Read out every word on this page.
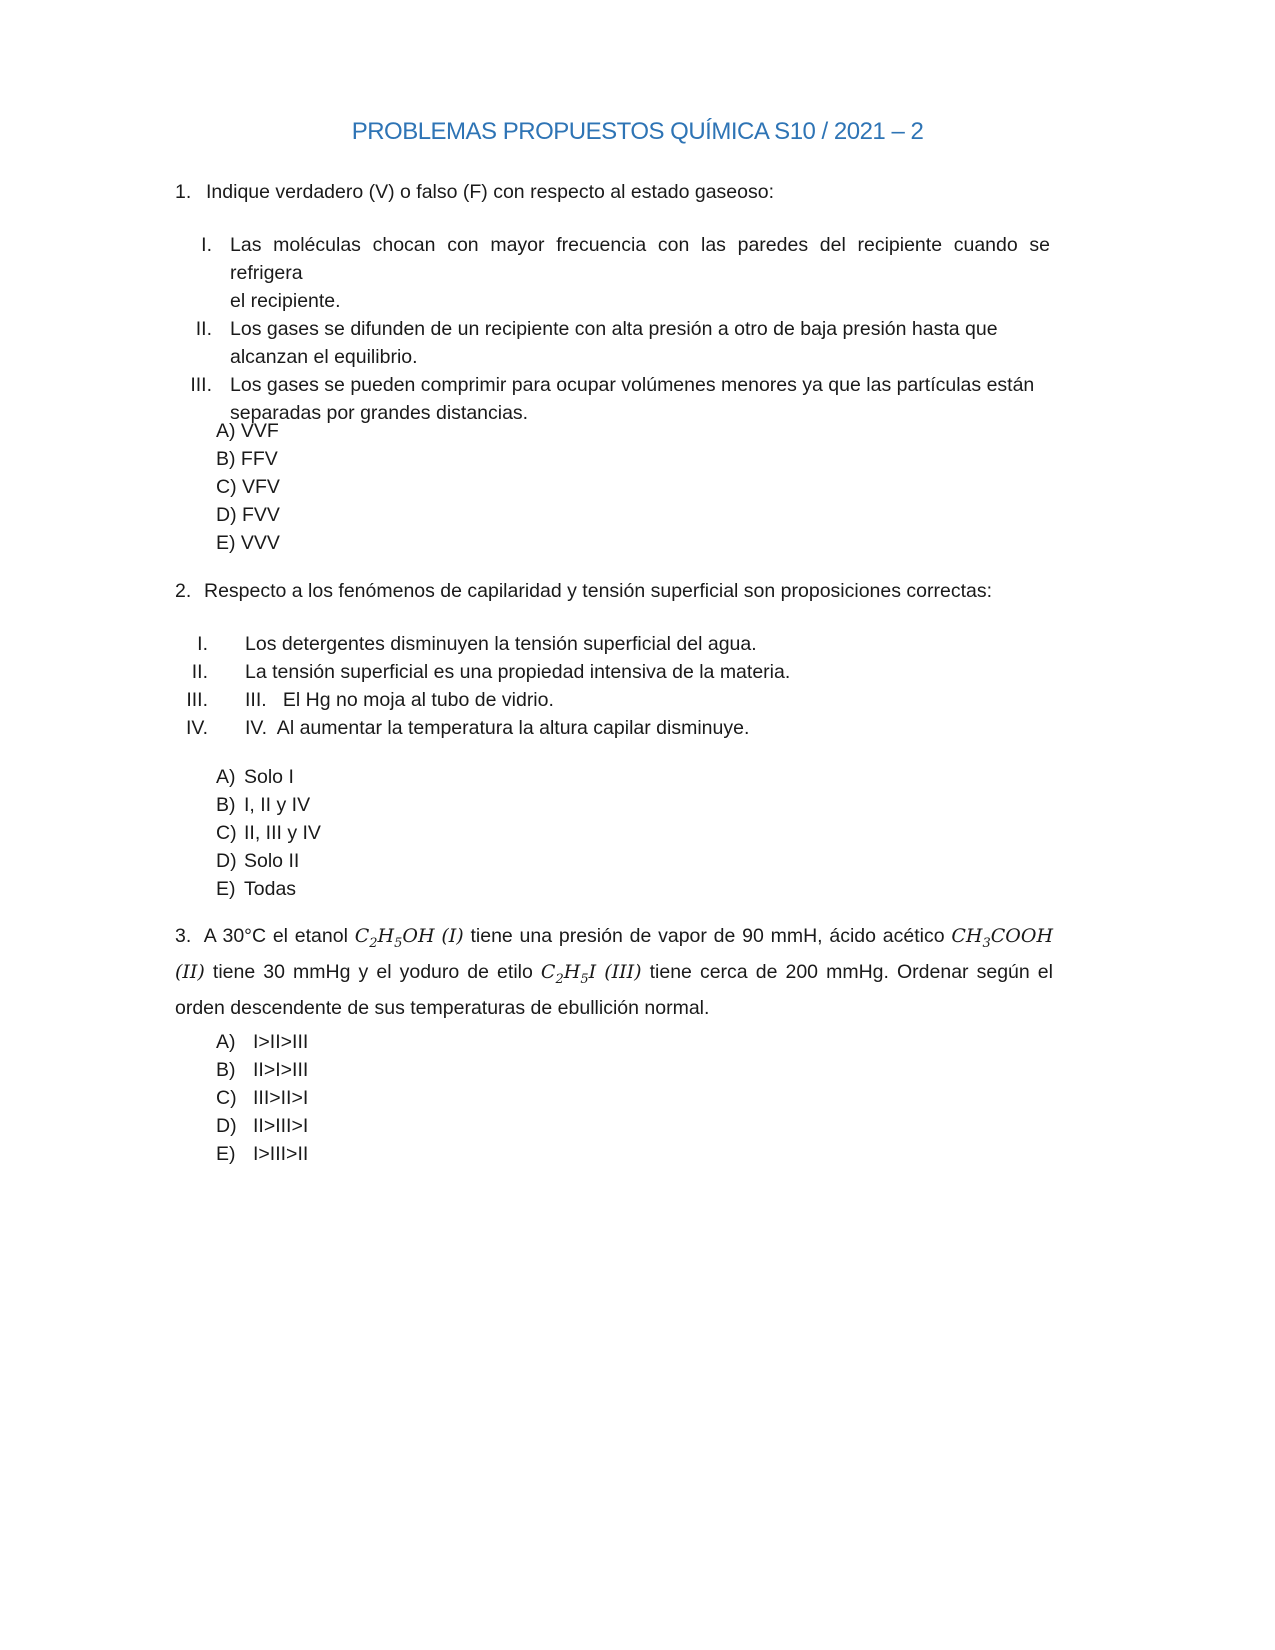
PROBLEMAS PROPUESTOS QUÍMICA S10 / 2021 – 2
1. Indique verdadero (V) o falso (F) con respecto al estado gaseoso:
I. Las moléculas chocan con mayor frecuencia con las paredes del recipiente cuando se refrigera
el recipiente.
II. Los gases se difunden de un recipiente con alta presión a otro de baja presión hasta que
alcanzan el equilibrio.
III. Los gases se pueden comprimir para ocupar volúmenes menores ya que las partículas están
separadas por grandes distancias.
A) VVF
B) FFV
C) VFV
D) FVV
E) VVV
2. Respecto a los fenómenos de capilaridad y tensión superficial son proposiciones correctas:
I. Los detergentes disminuyen la tensión superficial del agua.
II. La tensión superficial es una propiedad intensiva de la materia.
III. III.   El Hg no moja al tubo de vidrio.
IV. IV.  Al aumentar la temperatura la altura capilar disminuye.
A) Solo I
B) I, II y IV
C) II, III y IV
D) Solo II
E) Todas
3. A 30°C el etanol $C_2H_5OH$ (I) tiene una presión de vapor de 90 mmH, ácido acético $CH_3COOH$ (II) tiene 30 mmHg y el yoduro de etilo $C_2H_5I$ (III) tiene cerca de 200 mmHg. Ordenar según el orden descendente de sus temperaturas de ebullición normal.
A) I>II>III
B) II>I>III
C) III>II>I
D) II>III>I
E) I>III>II
